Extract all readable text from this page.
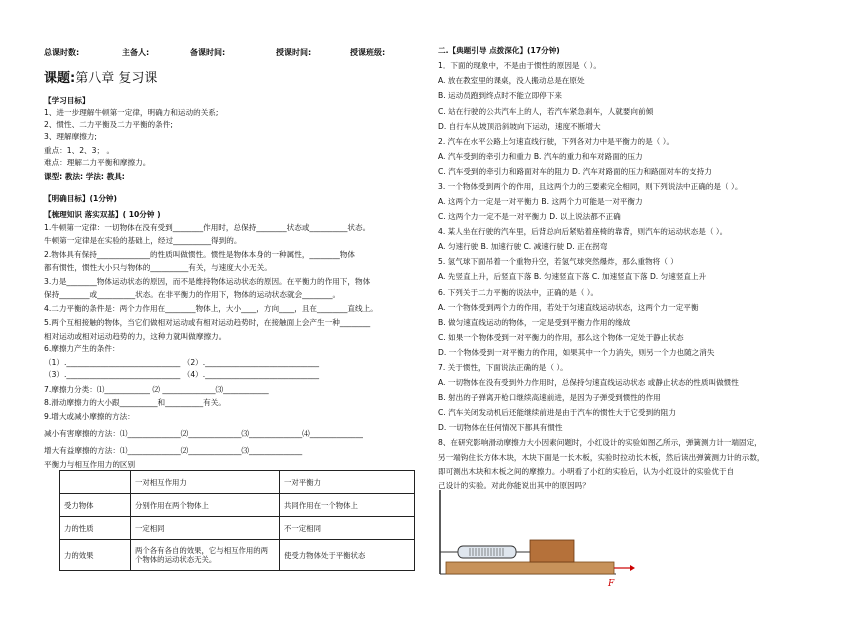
总课时数:	主备人:	备课时间:	授课时间:	授课班级:
课题:第八章 复习课
【学习目标】
1、进一步理解牛顿第一定律，明确力和运动的关系;
2、惯性、二力平衡及二力平衡的条件;
3、理解摩擦力;
重点：1、2、3； 。
难点：理解二力平衡和摩擦力。
课型: 教法: 学法: 教具:
【明确目标】(1分钟)
【梳理知识 落实双基】( 10分钟 )
1.牛顿第一定律：一切物体在没有受到________作用时，总保持________状态或__________状态。
牛顿第一定律是在实验的基础上，经过__________得到的。
2.物体具有保持______________的性质叫做惯性。惯性是物体本身的一种属性，________物体
都有惯性，惯性大小只与物体的__________有关，与速度大小无关。
3.力是________物体运动状态的原因，而不是维持物体运动状态的原因。在平衡力的作用下，物体
保持________或__________状态。在非平衡力的作用下，物体的运动状态就会________。
4.二力平衡的条件是：两个力作用在________物体上，大小____，方向____，且在________直线上。
5.两个互相接触的物体，当它们做相对运动或有相对运动趋势时，在接触面上会产生一种________
相对运动或相对运动趋势的力，这种力就叫做摩擦力。
6.摩擦力产生的条件：
（1）.______________________________ （2）.______________________________
（3）.______________________________ （4）.______________________________
7.摩擦力分类：⑴____________ ⑵ ______________⑶____________
8.滑动摩擦力的大小跟__________和__________有关。
9.增大或减小摩擦的方法：
减小有害摩擦的方法：⑴______________⑵______________⑶______________⑷______________
增大有益摩擦的方法：⑴______________⑵______________⑶______________
平衡力与相互作用力的区别
	一对相互作用力	一对平衡力
受力物体	分别作用在两个物体上	共同作用在一个物体上
力的性质	一定相同	不一定相同
力的效果	两个各有各自的效果，它与相互作用的两个物体的运动状态无关。	使受力物体处于平衡状态
二.【典题引导 点拨深化】(17分钟)
1．下面的现象中，不是由于惯性的原因是（ ）。
A. 放在教室里的课桌，没人搬动总是在原处
B. 运动员跑到终点时不能立即停下来
C. 站在行驶的公共汽车上的人，若汽车紧急刹车，人就要向前倾
D. 自行车从坡顶沿斜坡向下运动，速度不断增大
2. 汽车在水平公路上匀速直线行驶，下列各对力中是平衡力的是（ ）。
A. 汽车受到的牵引力和重力 B. 汽车的重力和车对路面的压力
C. 汽车受到的牵引力和路面对车的阻力 D. 汽车对路面的压力和路面对车的支持力
3. 一个物体受到两个的作用，且这两个力的三要素完全相同，则下列说法中正确的是（ ）。
A. 这两个力一定是一对平衡力 B. 这两个力可能是一对平衡力
C. 这两个力一定不是一对平衡力 D. 以上说法都不正确
4. 某人坐在行驶的汽车里，后背总向后紧贴着座椅的靠背，则汽车的运动状态是（ ）。
A. 匀速行驶 B. 加速行驶 C. 减速行驶 D. 正在拐弯
5. 氢气球下面吊着一个重物升空，若氢气球突然爆炸，那么重物将（ ）
A. 先竖直上升，后竖直下落 B. 匀速竖直下落 C. 加速竖直下落 D. 匀速竖直上升
6. 下列关于二力平衡的说法中，正确的是（ ）。
A. 一个物体受到两个力的作用，若处于匀速直线运动状态，这两个力一定平衡
B. 做匀速直线运动的物体，一定是受到平衡力作用的缘故
C. 如果一个物体受到一对平衡力的作用，那么这个物体一定处于静止状态
D. 一个物体受到一对平衡力的作用，如果其中一个力消失，则另一个力也随之消失
7. 关于惯性，下面说法正确的是（ ）。
A. 一切物体在没有受到外力作用时，总保持匀速直线运动状态 或静止状态的性质叫做惯性
B. 射出的子弹离开枪口继续高速前进，是因为子弹受到惯性的作用
C. 汽车关闭发动机后还能继续前进是由于汽车的惯性大于它受到的阻力
D. 一切物体在任何情况下都具有惯性
8、在研究影响滑动摩擦力大小因素问题时，小红设计的实验如图乙所示，弹簧测力计一端固定，
另一端钩住长方体木块，木块下面是一长木板，实验时拉动长木板，然后读出弹簧测力计的示数，
即可测出木块和木板之间的摩擦力。小明看了小红的实验后，认为小红设计的实验优于自
己设计的实验。对此你能说出其中的原因吗？
F
